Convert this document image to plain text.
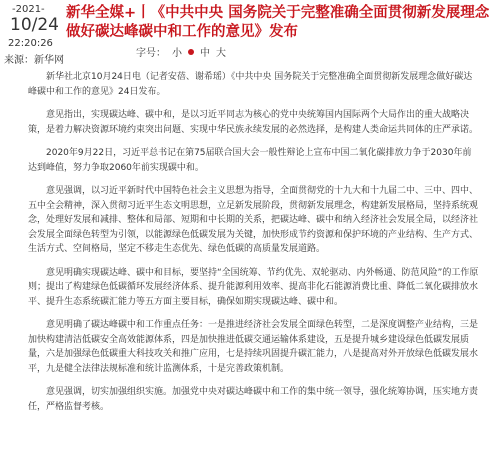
-2021-
10/24
22:20:26
来源：新华网
新华全媒+丨《中共中央 国务院关于完整准确全面贯彻新发展理念做好碳达峰碳中和工作的意见》发布
字号： 小 中 大

新华社北京10月24日电（记者安蓓、谢希瑶）《中共中央 国务院关于完整准确全面贯彻新发展理念做好碳达峰碳中和工作的意见》24日发布。

意见指出，实现碳达峰、碳中和，是以习近平同志为核心的党中央统筹国内国际两个大局作出的重大战略决策，是着力解决资源环境约束突出问题、实现中华民族永续发展的必然选择，是构建人类命运共同体的庄严承诺。

2020年9月22日，习近平总书记在第75届联合国大会一般性辩论上宣布中国二氧化碳排放力争于2030年前达到峰值，努力争取2060年前实现碳中和。

意见强调，以习近平新时代中国特色社会主义思想为指导，全面贯彻党的十九大和十九届二中、三中、四中、五中全会精神，深入贯彻习近平生态文明思想，立足新发展阶段，贯彻新发展理念，构建新发展格局，坚持系统观念，处理好发展和减排、整体和局部、短期和中长期的关系，把碳达峰、碳中和纳入经济社会发展全局，以经济社会发展全面绿色转型为引领，以能源绿色低碳发展为关键，加快形成节约资源和保护环境的产业结构、生产方式、生活方式、空间格局，坚定不移走生态优先、绿色低碳的高质量发展道路。

意见明确实现碳达峰、碳中和目标，要坚持“全国统筹、节约优先、双轮驱动、内外畅通、防范风险”的工作原则；提出了构建绿色低碳循环发展经济体系、提升能源利用效率、提高非化石能源消费比重、降低二氧化碳排放水平、提升生态系统碳汇能力等五方面主要目标，确保如期实现碳达峰、碳中和。

意见明确了碳达峰碳中和工作重点任务：一是推进经济社会发展全面绿色转型，二是深度调整产业结构，三是加快构建清洁低碳安全高效能源体系，四是加快推进低碳交通运输体系建设，五是提升城乡建设绿色低碳发展质量，六是加强绿色低碳重大科技攻关和推广应用，七是持续巩固提升碳汇能力，八是提高对外开放绿色低碳发展水平，九是健全法律法规标准和统计监测体系，十是完善政策机制。

意见强调，切实加强组织实施。加强党中央对碳达峰碳中和工作的集中统一领导，强化统筹协调，压实地方责任，严格监督考核。
